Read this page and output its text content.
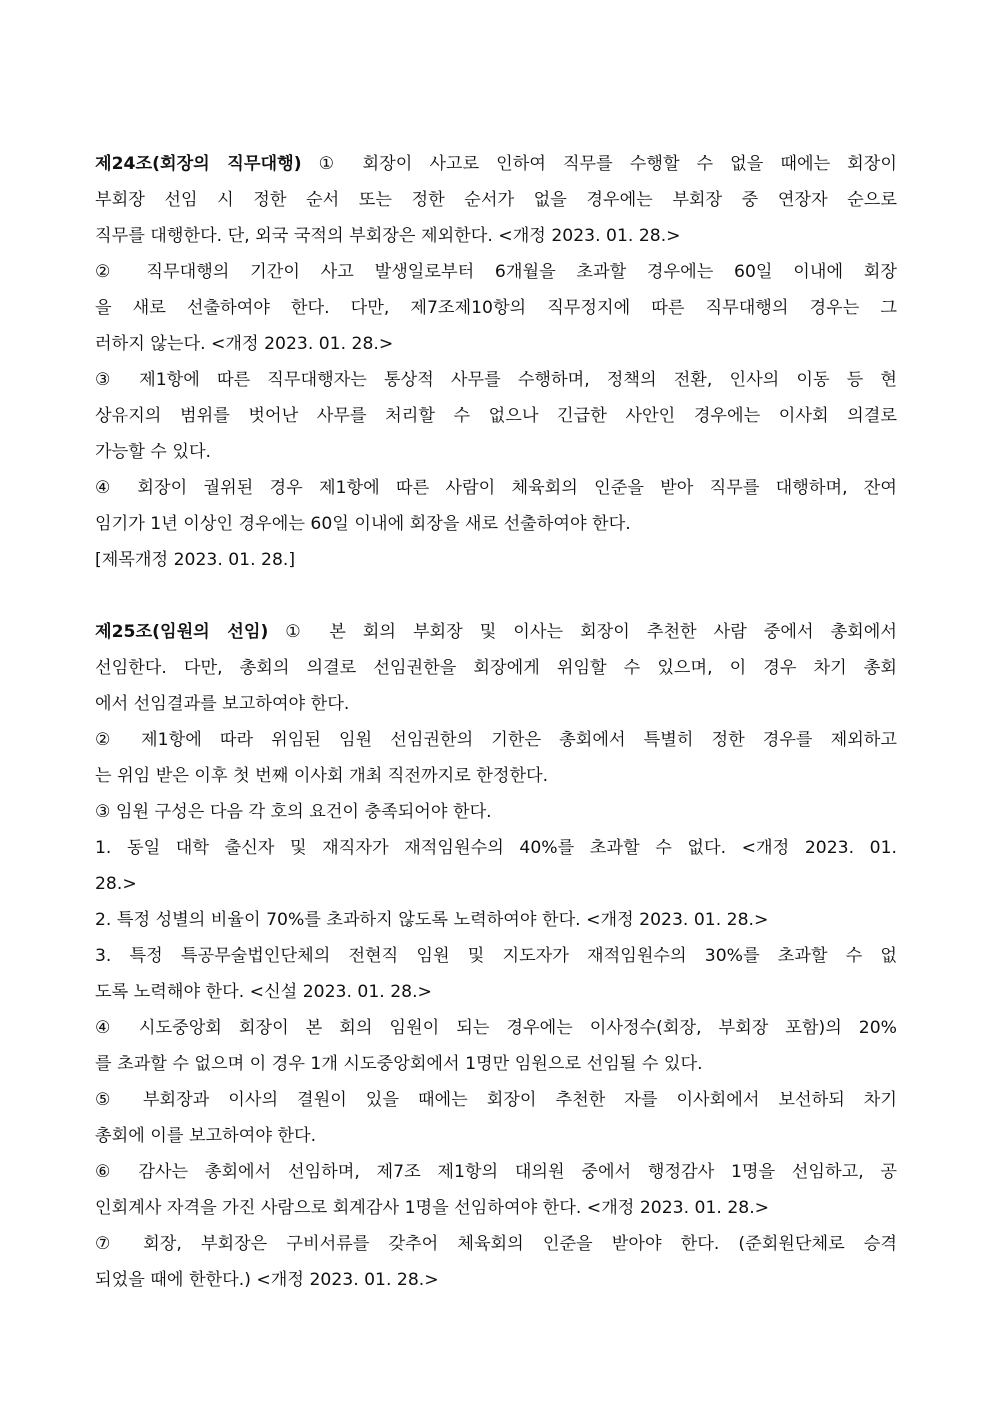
제24조(회장의 직무대행) ① 회장이 사고로 인하여 직무를 수행할 수 없을 때에는 회장이
부회장 선임 시 정한 순서 또는 정한 순서가 없을 경우에는 부회장 중 연장자 순으로
직무를 대행한다. 단, 외국 국적의 부회장은 제외한다. <개정 2023. 01. 28.>
② 직무대행의 기간이 사고 발생일로부터 6개월을 초과할 경우에는 60일 이내에 회장
을 새로 선출하여야 한다. 다만, 제7조제10항의 직무정지에 따른 직무대행의 경우는 그
러하지 않는다. <개정 2023. 01. 28.>
③ 제1항에 따른 직무대행자는 통상적 사무를 수행하며, 정책의 전환, 인사의 이동 등 현
상유지의 범위를 벗어난 사무를 처리할 수 없으나 긴급한 사안인 경우에는 이사회 의결로
가능할 수 있다.
④ 회장이 궐위된 경우 제1항에 따른 사람이 체육회의 인준을 받아 직무를 대행하며, 잔여
임기가 1년 이상인 경우에는 60일 이내에 회장을 새로 선출하여야 한다.
[제목개정 2023. 01. 28.]
제25조(임원의 선임) ① 본 회의 부회장 및 이사는 회장이 추천한 사람 중에서 총회에서
선임한다. 다만, 총회의 의결로 선임권한을 회장에게 위임할 수 있으며, 이 경우 차기 총회
에서 선임결과를 보고하여야 한다.
② 제1항에 따라 위임된 임원 선임권한의 기한은 총회에서 특별히 정한 경우를 제외하고
는 위임 받은 이후 첫 번째 이사회 개최 직전까지로 한정한다.
③ 임원 구성은 다음 각 호의 요건이 충족되어야 한다.
1. 동일 대학 출신자 및 재직자가 재적임원수의 40%를 초과할 수 없다. <개정 2023. 01.
28.>
2. 특정 성별의 비율이 70%를 초과하지 않도록 노력하여야 한다. <개정 2023. 01. 28.>
3. 특정 특공무술법인단체의 전현직 임원 및 지도자가 재적임원수의 30%를 초과할 수 없
도록 노력해야 한다. <신설 2023. 01. 28.>
④ 시도중앙회 회장이 본 회의 임원이 되는 경우에는 이사정수(회장, 부회장 포함)의 20%
를 초과할 수 없으며 이 경우 1개 시도중앙회에서 1명만 임원으로 선임될 수 있다.
⑤ 부회장과 이사의 결원이 있을 때에는 회장이 추천한 자를 이사회에서 보선하되 차기
총회에 이를 보고하여야 한다.
⑥ 감사는 총회에서 선임하며, 제7조 제1항의 대의원 중에서 행정감사 1명을 선임하고, 공
인회계사 자격을 가진 사람으로 회계감사 1명을 선임하여야 한다. <개정 2023. 01. 28.>
⑦ 회장, 부회장은 구비서류를 갖추어 체육회의 인준을 받아야 한다. (준회원단체로 승격
되었을 때에 한한다.) <개정 2023. 01. 28.>
